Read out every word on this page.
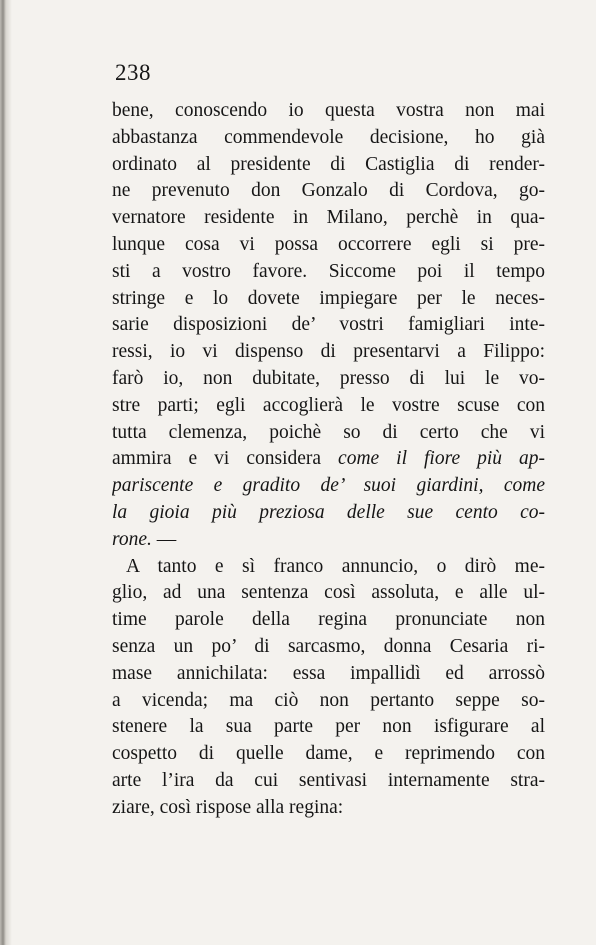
238
bene, conoscendo io questa vostra non mai
abbastanza commendevole decisione, ho già
ordinato al presidente di Castiglia di render-
ne prevenuto don Gonzalo di Cordova, go-
vernatore residente in Milano, perchè in qua-
lunque cosa vi possa occorrere egli si pre-
sti a vostro favore. Siccome poi il tempo
stringe e lo dovete impiegare per le neces-
sarie disposizioni de’ vostri famigliari inte-
ressi, io vi dispenso di presentarvi a Filippo:
farò io, non dubitate, presso di lui le vo-
stre parti; egli accoglierà le vostre scuse con
tutta clemenza, poichè so di certo che vi
ammira e vi considera come il fiore più ap-
pariscente e gradito de’ suoi giardini, come
la gioia più preziosa delle sue cento co-
rone. —
A tanto e sì franco annuncio, o dirò me-
glio, ad una sentenza così assoluta, e alle ul-
time parole della regina pronunciate non
senza un po’ di sarcasmo, donna Cesaria ri-
mase annichilata: essa impallidì ed arrossò
a vicenda; ma ciò non pertanto seppe so-
stenere la sua parte per non isfigurare al
cospetto di quelle dame, e reprimendo con
arte l’ira da cui sentivasi internamente stra-
ziare, così rispose alla regina:
